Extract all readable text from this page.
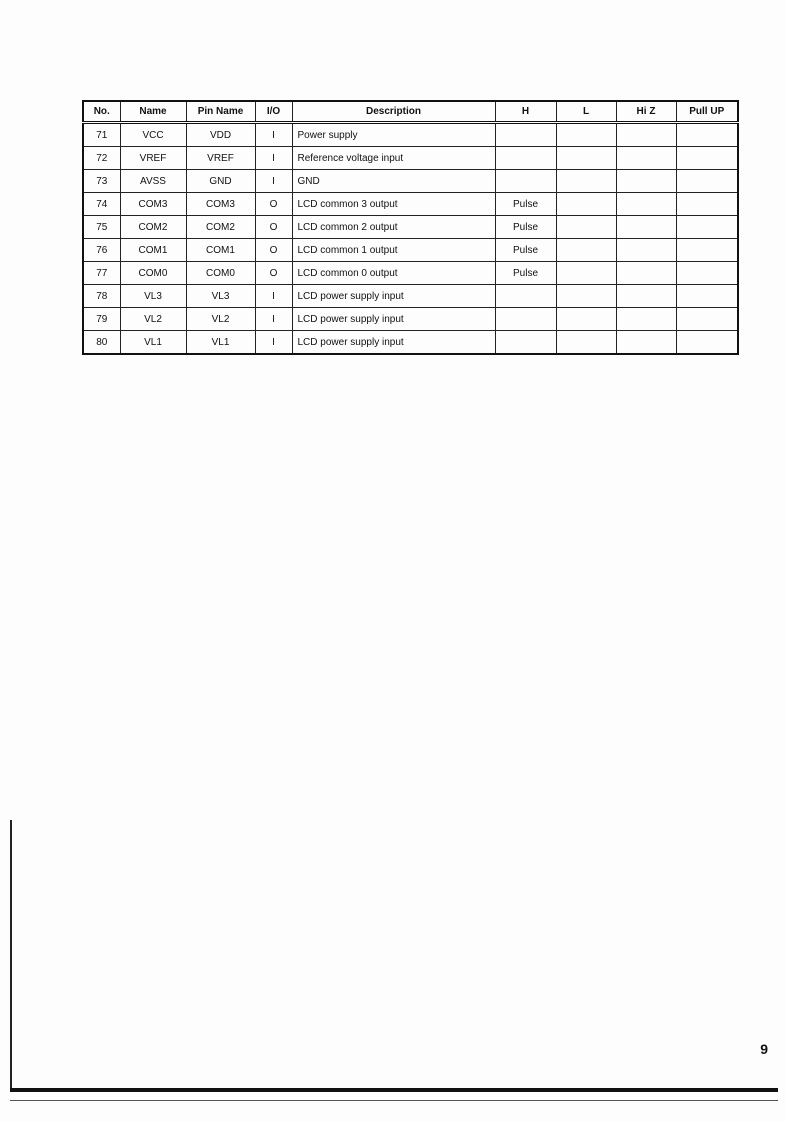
No.	Name	Pin Name	I/O	Description	H	L	Hi Z	Pull UP
71	VCC	VDD	I	Power supply				
72	VREF	VREF	I	Reference voltage input				
73	AVSS	GND	I	GND				
74	COM3	COM3	O	LCD common 3 output	Pulse			
75	COM2	COM2	O	LCD common 2 output	Pulse			
76	COM1	COM1	O	LCD common 1 output	Pulse			
77	COM0	COM0	O	LCD common 0 output	Pulse			
78	VL3	VL3	I	LCD power supply input				
79	VL2	VL2	I	LCD power supply input				
80	VL1	VL1	I	LCD power supply input				
9
